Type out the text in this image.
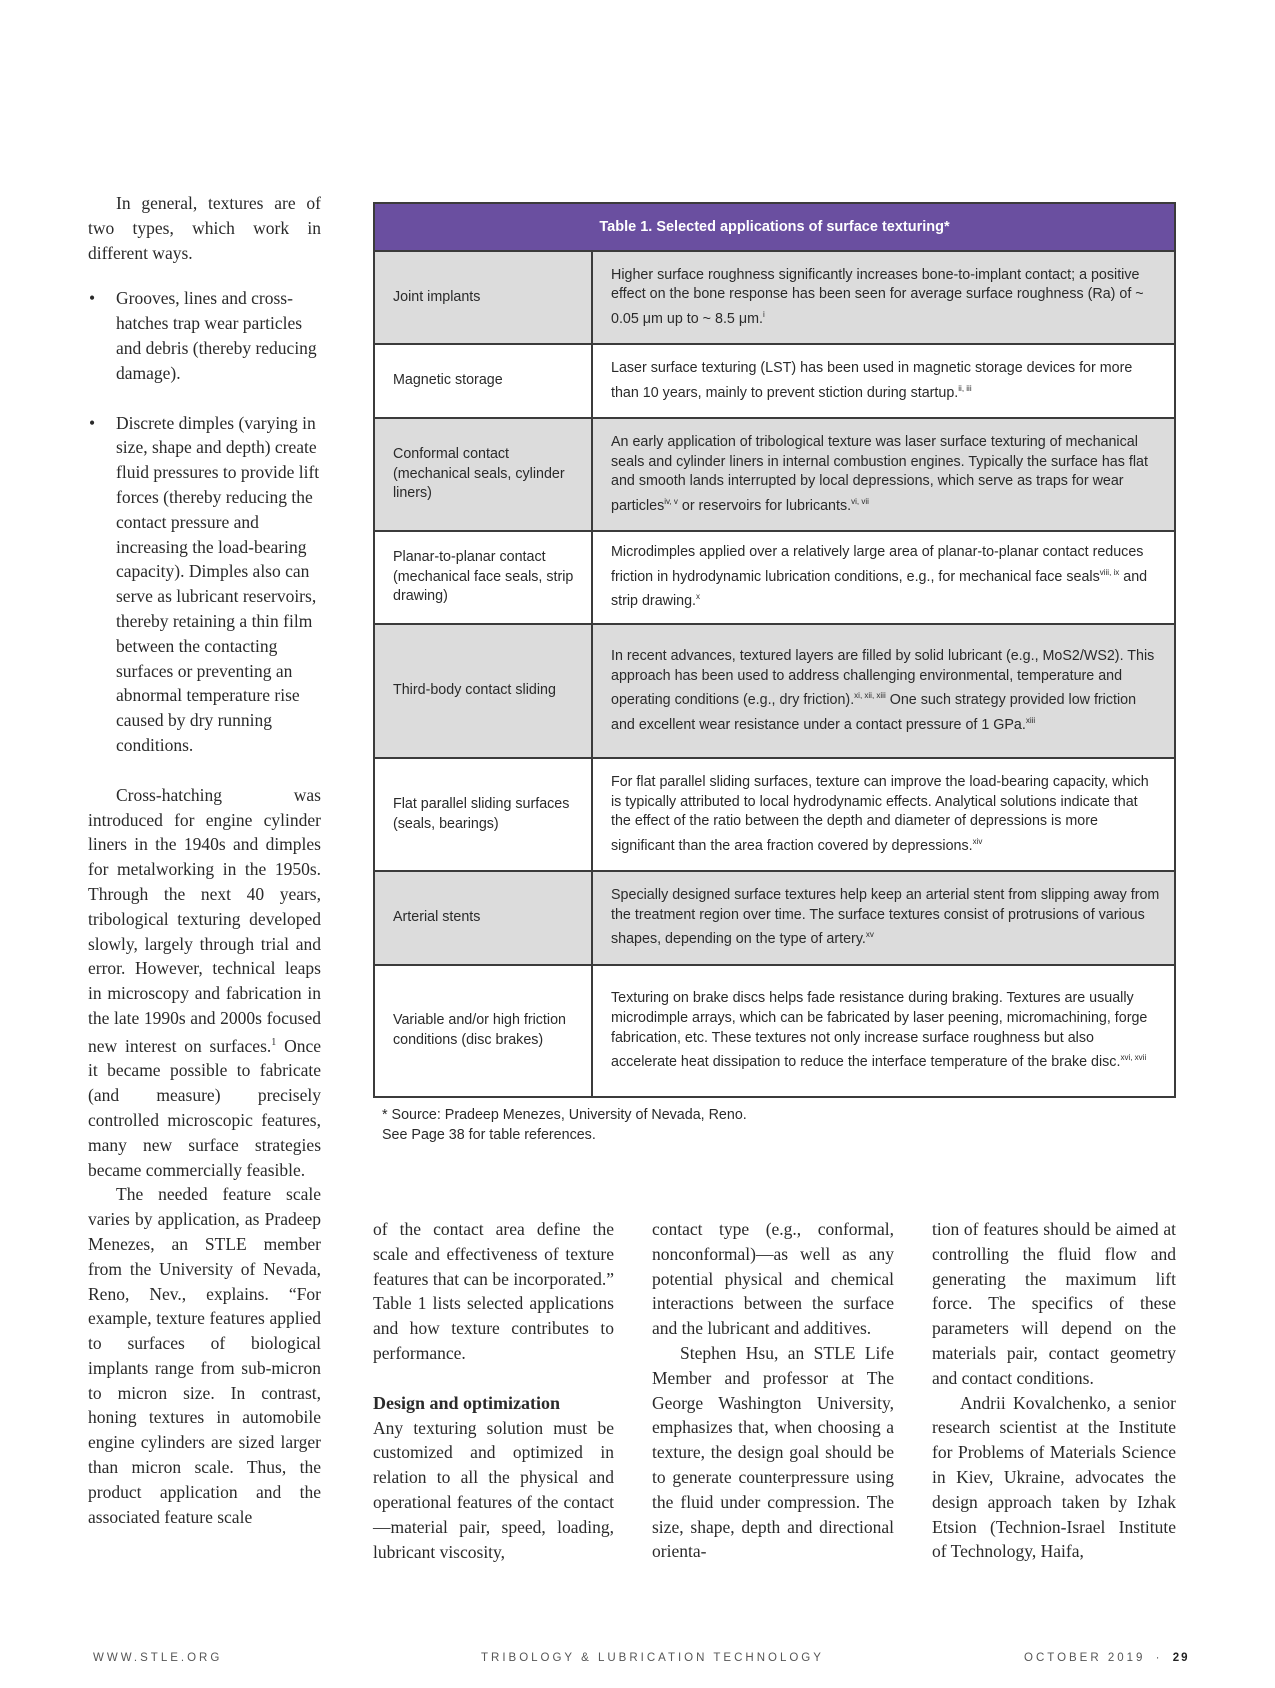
In general, textures are of two types, which work in different ways.

• Grooves, lines and cross-hatches trap wear particles and debris (thereby reducing damage).
• Discrete dimples (varying in size, shape and depth) create fluid pressures to provide lift forces (thereby reducing the contact pressure and increasing the load-bearing capacity). Dimples also can serve as lubricant reservoirs, thereby retaining a thin film between the contacting surfaces or preventing an abnormal temperature rise caused by dry running conditions.

Cross-hatching was introduced for engine cylinder liners in the 1940s and dimples for metalworking in the 1950s. Through the next 40 years, tribological texturing developed slowly, largely through trial and error. However, technical leaps in microscopy and fabrication in the late 1990s and 2000s focused new interest on surfaces.$^1$ Once it became possible to fabricate (and measure) precisely controlled microscopic features, many new surface strategies became commercially feasible.

The needed feature scale varies by application, as Pradeep Menezes, an STLE member from the University of Nevada, Reno, Nev., explains. “For example, texture features applied to surfaces of biological implants range from sub-micron to micron size. In contrast, honing textures in automobile engine cylinders are sized larger than micron scale. Thus, the product application and the associated feature scale

Table 1. Selected applications of surface texturing*
Joint implants
Higher surface roughness significantly increases bone-to-implant contact; a positive effect on the bone response has been seen for average surface roughness (Ra) of ~ 0.05 μm up to ~ 8.5 μm.$^i$
Magnetic storage
Laser surface texturing (LST) has been used in magnetic storage devices for more than 10 years, mainly to prevent stiction during startup.$^{ii, iii}$
Conformal contact (mechanical seals, cylinder liners)
An early application of tribological texture was laser surface texturing of mechanical seals and cylinder liners in internal combustion engines. Typically the surface has flat and smooth lands interrupted by local depressions, which serve as traps for wear particles$^{iv, v}$ or reservoirs for lubricants.$^{vi, vii}$
Planar-to-planar contact (mechanical face seals, strip drawing)
Microdimples applied over a relatively large area of planar-to-planar contact reduces friction in hydrodynamic lubrication conditions, e.g., for mechanical face seals$^{viii, ix}$ and strip drawing.$^x$
Third-body contact sliding
In recent advances, textured layers are filled by solid lubricant (e.g., MoS2/WS2). This approach has been used to address challenging environmental, temperature and operating conditions (e.g., dry friction).$^{xi, xii, xiii}$ One such strategy provided low friction and excellent wear resistance under a contact pressure of 1 GPa.$^{xiii}$
Flat parallel sliding surfaces (seals, bearings)
For flat parallel sliding surfaces, texture can improve the load-bearing capacity, which is typically attributed to local hydrodynamic effects. Analytical solutions indicate that the effect of the ratio between the depth and diameter of depressions is more significant than the area fraction covered by depressions.$^{xiv}$
Arterial stents
Specially designed surface textures help keep an arterial stent from slipping away from the treatment region over time. The surface textures consist of protrusions of various shapes, depending on the type of artery.$^{xv}$
Variable and/or high friction conditions (disc brakes)
Texturing on brake discs helps fade resistance during braking. Textures are usually microdimple arrays, which can be fabricated by laser peening, micromachining, forge fabrication, etc. These textures not only increase surface roughness but also accelerate heat dissipation to reduce the interface temperature of the brake disc.$^{xvi, xvii}$
* Source: Pradeep Menezes, University of Nevada, Reno.
See Page 38 for table references.

of the contact area define the scale and effectiveness of texture features that can be incorporated.” Table 1 lists selected applications and how texture contributes to performance.

Design and optimization

Any texturing solution must be customized and optimized in relation to all the physical and operational features of the contact—material pair, speed, loading, lubricant viscosity,

contact type (e.g., conformal, nonconformal)—as well as any potential physical and chemical interactions between the surface and the lubricant and additives.

Stephen Hsu, an STLE Life Member and professor at The George Washington University, emphasizes that, when choosing a texture, the design goal should be to generate counterpressure using the fluid under compression. The size, shape, depth and directional orienta-

tion of features should be aimed at controlling the fluid flow and generating the maximum lift force. The specifics of these parameters will depend on the materials pair, contact geometry and contact conditions.

Andrii Kovalchenko, a senior research scientist at the Institute for Problems of Materials Science in Kiev, Ukraine, advocates the design approach taken by Izhak Etsion (Technion-Israel Institute of Technology, Haifa,

WWW.STLE.ORG	TRIBOLOGY & LUBRICATION TECHNOLOGY	OCTOBER 2019 · 29
